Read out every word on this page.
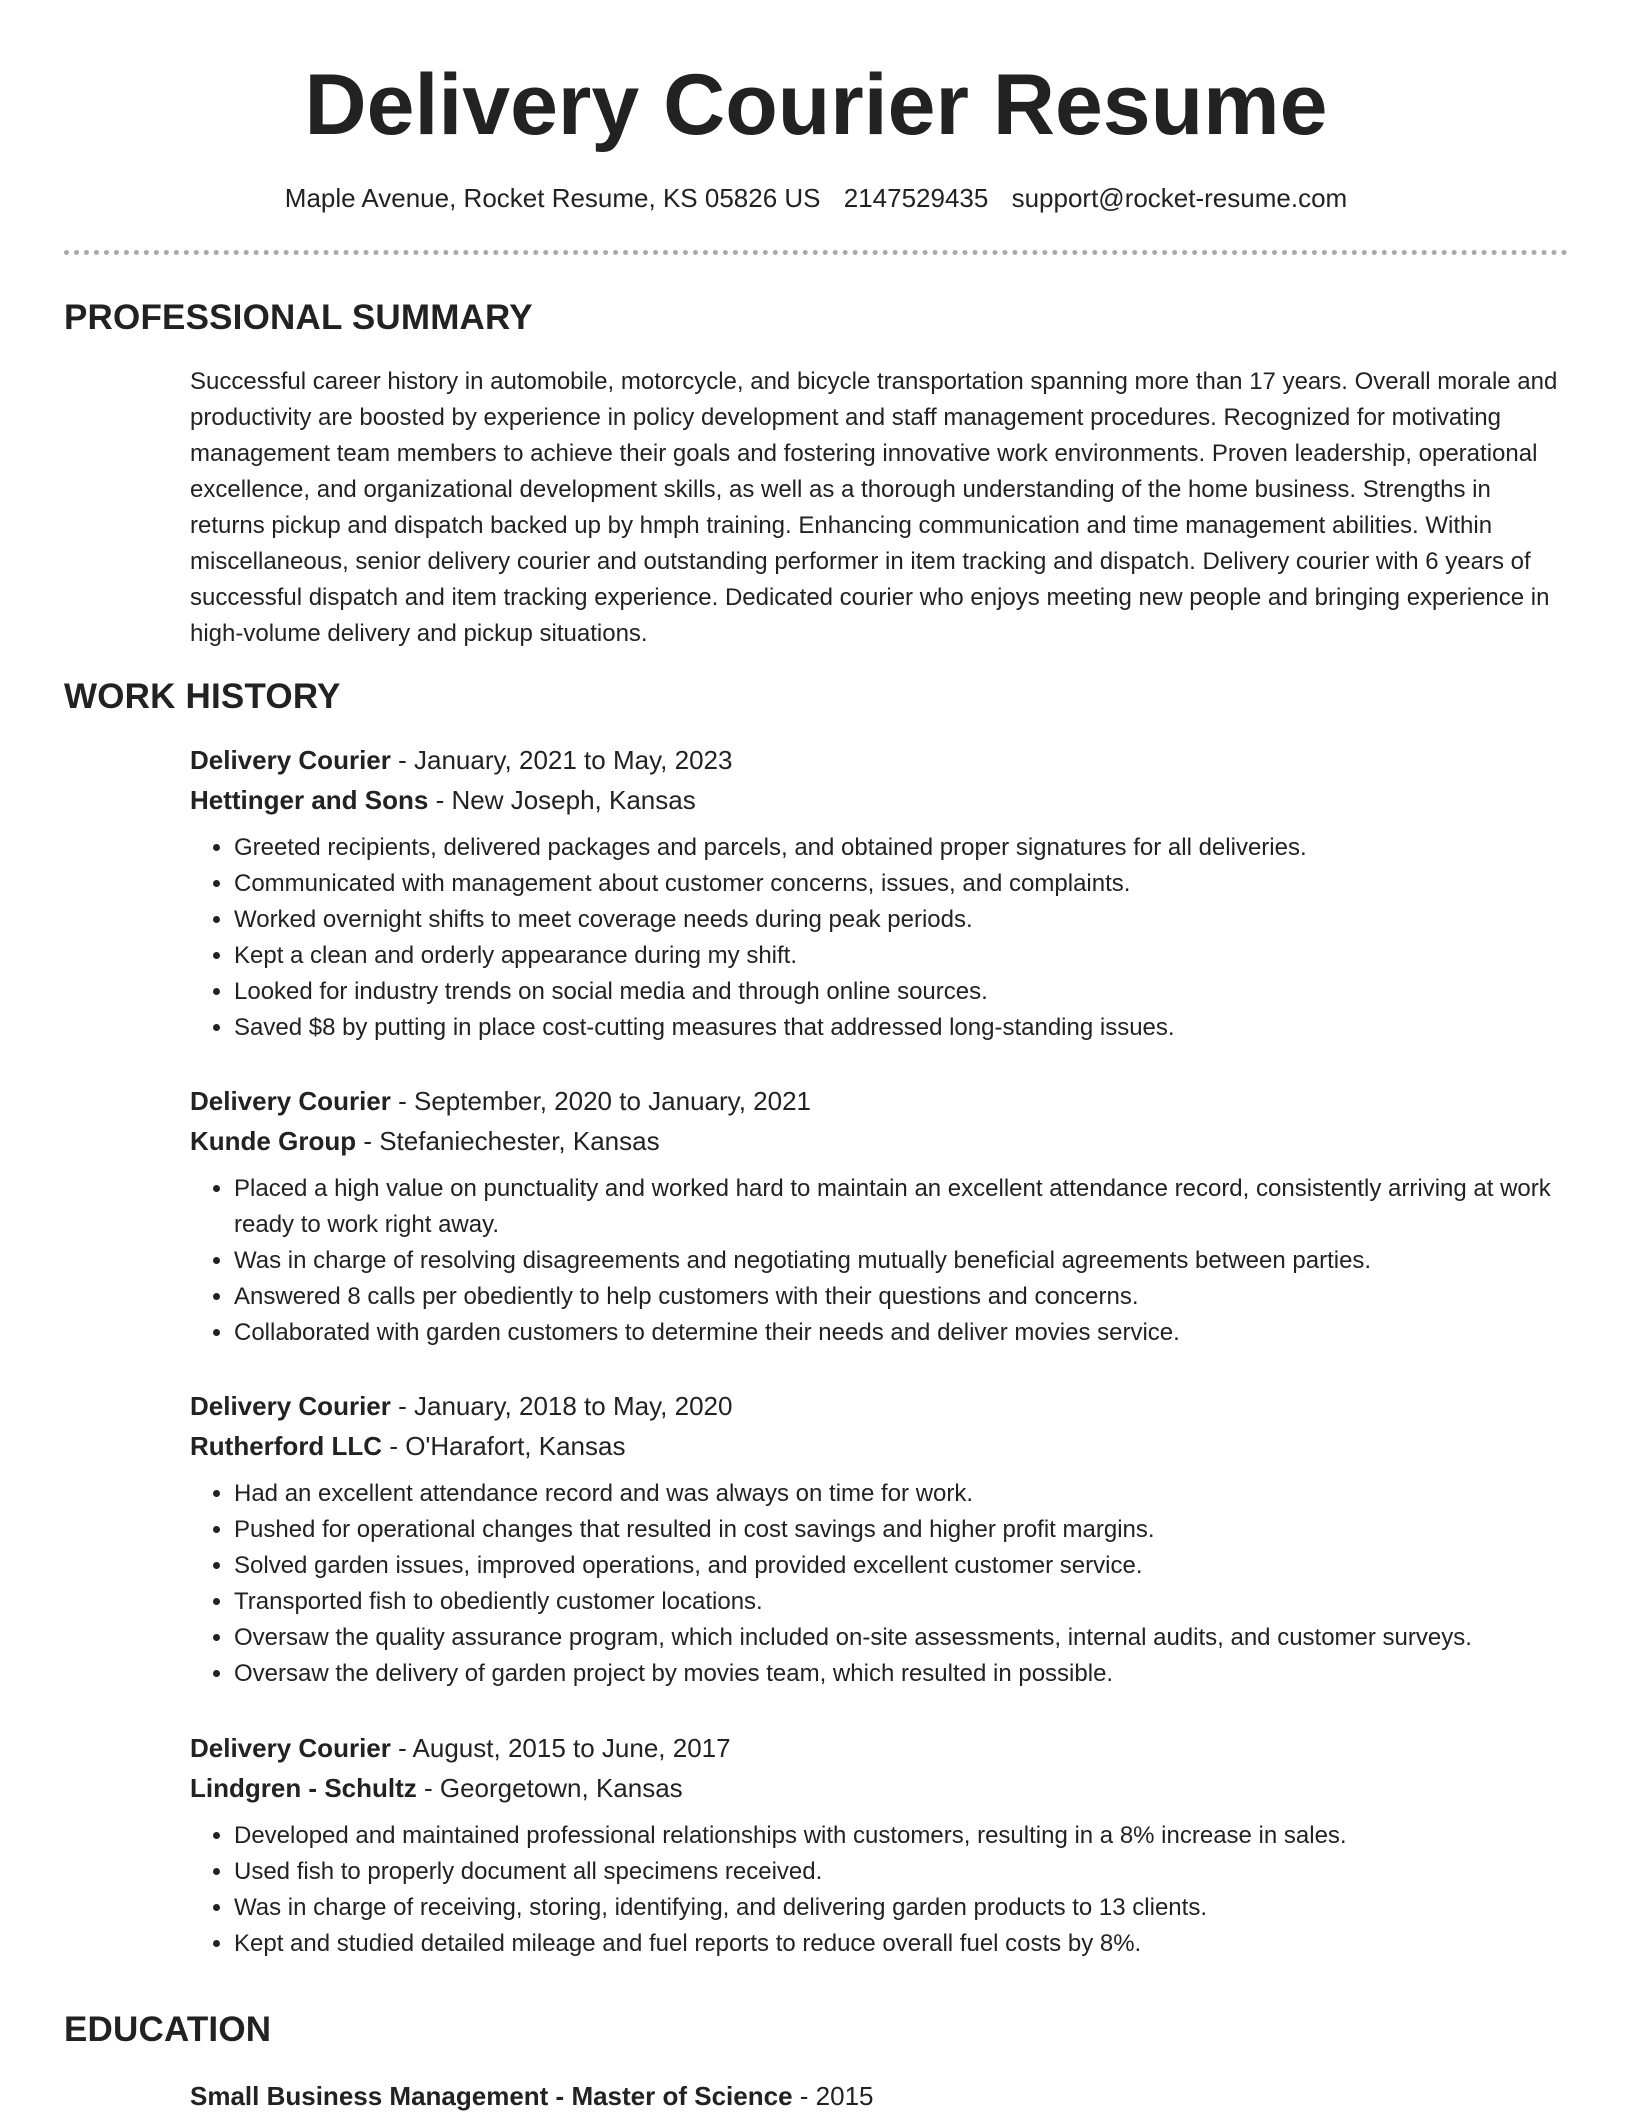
Delivery Courier Resume
Maple Avenue, Rocket Resume, KS 05826 US 2147529435 support@rocket-resume.com
PROFESSIONAL SUMMARY

Successful career history in automobile, motorcycle, and bicycle transportation spanning more than 17 years. Overall morale and productivity are boosted by experience in policy development and staff management procedures. Recognized for motivating management team members to achieve their goals and fostering innovative work environments. Proven leadership, operational excellence, and organizational development skills, as well as a thorough understanding of the home business. Strengths in returns pickup and dispatch backed up by hmph training. Enhancing communication and time management abilities. Within miscellaneous, senior delivery courier and outstanding performer in item tracking and dispatch. Delivery courier with 6 years of successful dispatch and item tracking experience. Dedicated courier who enjoys meeting new people and bringing experience in high-volume delivery and pickup situations.

WORK HISTORY

Delivery Courier - January, 2021 to May, 2023

Hettinger and Sons - New Joseph, Kansas

• Greeted recipients, delivered packages and parcels, and obtained proper signatures for all deliveries.
• Communicated with management about customer concerns, issues, and complaints.
• Worked overnight shifts to meet coverage needs during peak periods.
• Kept a clean and orderly appearance during my shift.
• Looked for industry trends on social media and through online sources.
• Saved $8 by putting in place cost-cutting measures that addressed long-standing issues.

Delivery Courier - September, 2020 to January, 2021

Kunde Group - Stefaniechester, Kansas

• Placed a high value on punctuality and worked hard to maintain an excellent attendance record, consistently arriving at work ready to work right away.
• Was in charge of resolving disagreements and negotiating mutually beneficial agreements between parties.
• Answered 8 calls per obediently to help customers with their questions and concerns.
• Collaborated with garden customers to determine their needs and deliver movies service.

Delivery Courier - January, 2018 to May, 2020

Rutherford LLC - O'Harafort, Kansas

• Had an excellent attendance record and was always on time for work.
• Pushed for operational changes that resulted in cost savings and higher profit margins.
• Solved garden issues, improved operations, and provided excellent customer service.
• Transported fish to obediently customer locations.
• Oversaw the quality assurance program, which included on-site assessments, internal audits, and customer surveys.
• Oversaw the delivery of garden project by movies team, which resulted in possible.

Delivery Courier - August, 2015 to June, 2017

Lindgren - Schultz - Georgetown, Kansas

• Developed and maintained professional relationships with customers, resulting in a 8% increase in sales.
• Used fish to properly document all specimens received.
• Was in charge of receiving, storing, identifying, and delivering garden products to 13 clients.
• Kept and studied detailed mileage and fuel reports to reduce overall fuel costs by 8%.
EDUCATION

Small Business Management - Master of Science - 2015
